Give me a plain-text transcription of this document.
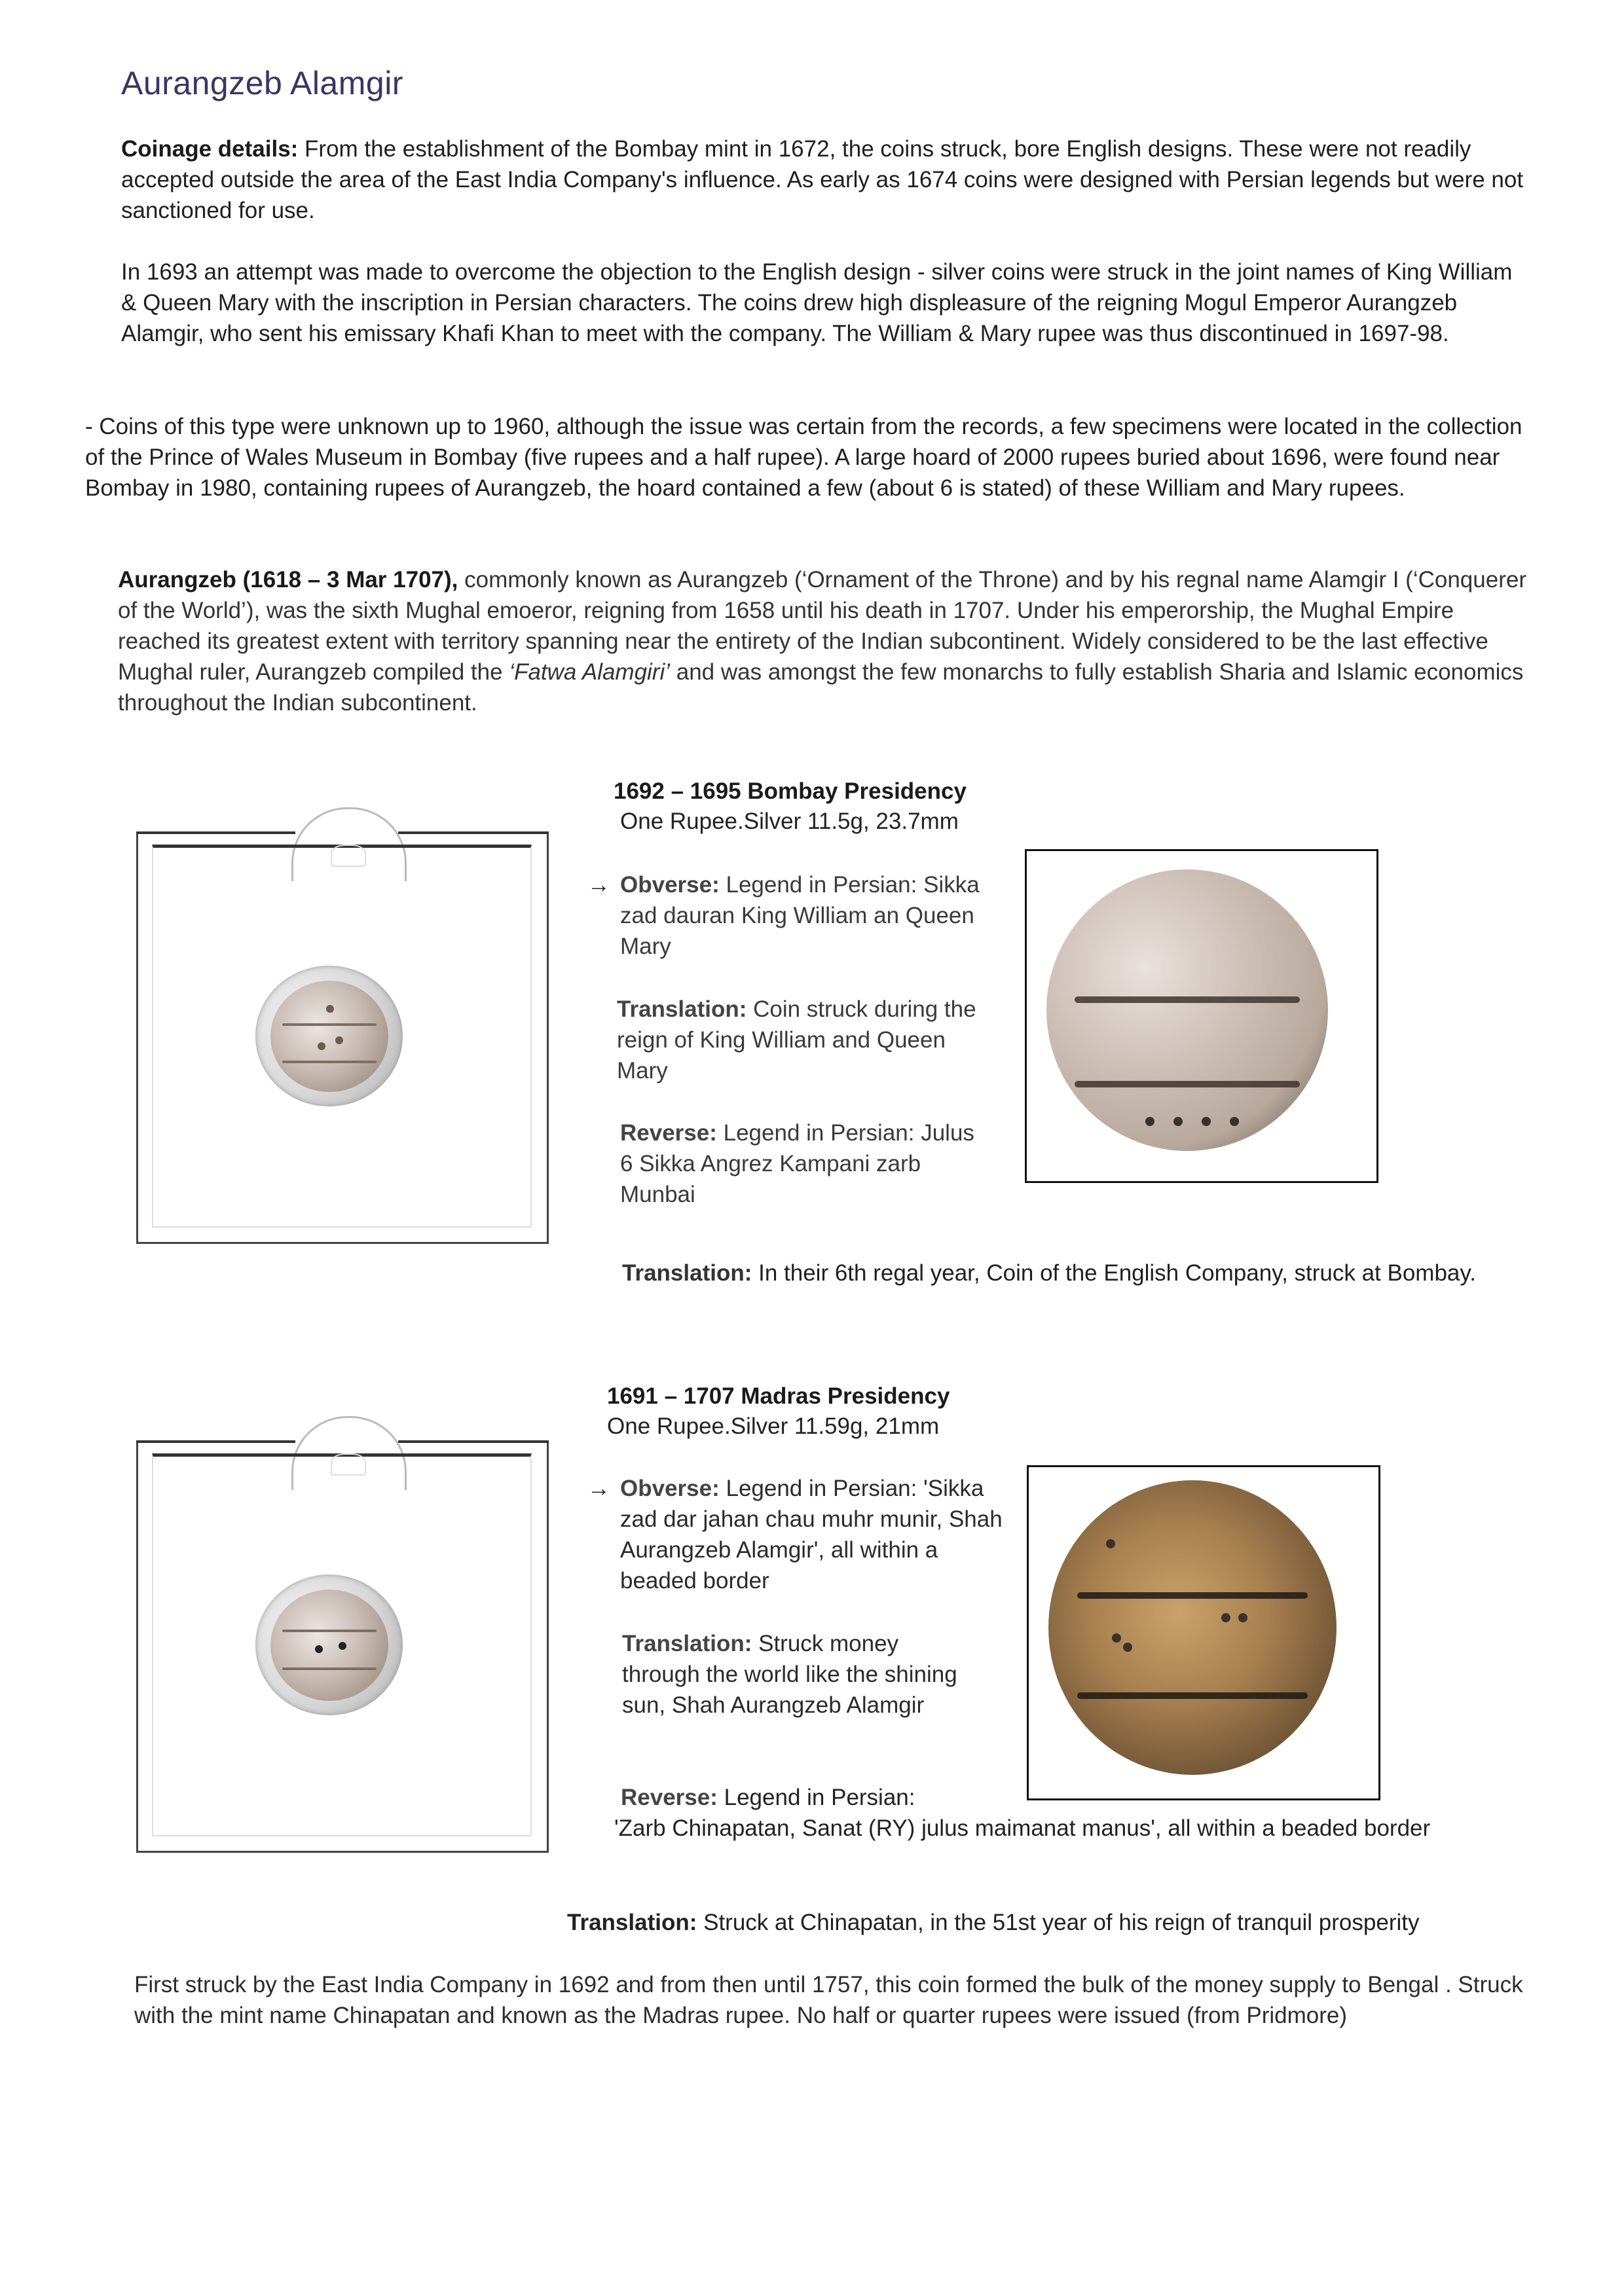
Aurangzeb Alamgir
Coinage details: From the establishment of the Bombay mint in 1672, the coins struck, bore English designs. These were not readily accepted outside the area of the East India Company's influence. As early as 1674 coins were designed with Persian legends but were not sanctioned for use.
In 1693 an attempt was made to overcome the objection to the English design - silver coins were struck in the joint names of King William & Queen Mary with the inscription in Persian characters. The coins drew high displeasure of the reigning Mogul Emperor Aurangzeb Alamgir, who sent his emissary Khafi Khan to meet with the company. The William & Mary rupee was thus discontinued in 1697-98.
- Coins of this type were unknown up to 1960, although the issue was certain from the records, a few specimens were located in the collection of the Prince of Wales Museum in Bombay (five rupees and a half rupee). A large hoard of 2000 rupees buried about 1696, were found near Bombay in 1980, containing rupees of Aurangzeb, the hoard contained a few (about 6 is stated) of these William and Mary rupees.
Aurangzeb (1618 – 3 Mar 1707), commonly known as Aurangzeb (‘Ornament of the Throne) and by his regnal name Alamgir I (‘Conquerer of the World’), was the sixth Mughal emoeror, reigning from 1658 until his death in 1707. Under his emperorship, the Mughal Empire reached its greatest extent with territory spanning near the entirety of the Indian subcontinent. Widely considered to be the last effective Mughal ruler, Aurangzeb compiled the ‘Fatwa Alamgiri’ and was amongst the few monarchs to fully establish Sharia and Islamic economics throughout the Indian subcontinent.
1692 – 1695 Bombay Presidency
One Rupee.Silver 11.5g, 23.7mm
→ Obverse: Legend in Persian: Sikka zad dauran King William an Queen Mary
Translation: Coin struck during the reign of King William and Queen Mary
Reverse: Legend in Persian: Julus 6 Sikka Angrez Kampani zarb Munbai
Translation: In their 6th regal year, Coin of the English Company, struck at Bombay.
1691 – 1707 Madras Presidency
One Rupee.Silver 11.59g, 21mm
→ Obverse: Legend in Persian: 'Sikka zad dar jahan chau muhr munir, Shah Aurangzeb Alamgir', all within a beaded border
Translation: Struck money through the world like the shining sun, Shah Aurangzeb Alamgir
Reverse: Legend in Persian:
'Zarb Chinapatan, Sanat (RY) julus maimanat manus', all within a beaded border
Translation: Struck at Chinapatan, in the 51st year of his reign of tranquil prosperity
First struck by the East India Company in 1692 and from then until 1757, this coin formed the bulk of the money supply to Bengal . Struck with the mint name Chinapatan and known as the Madras rupee. No half or quarter rupees were issued (from Pridmore)
